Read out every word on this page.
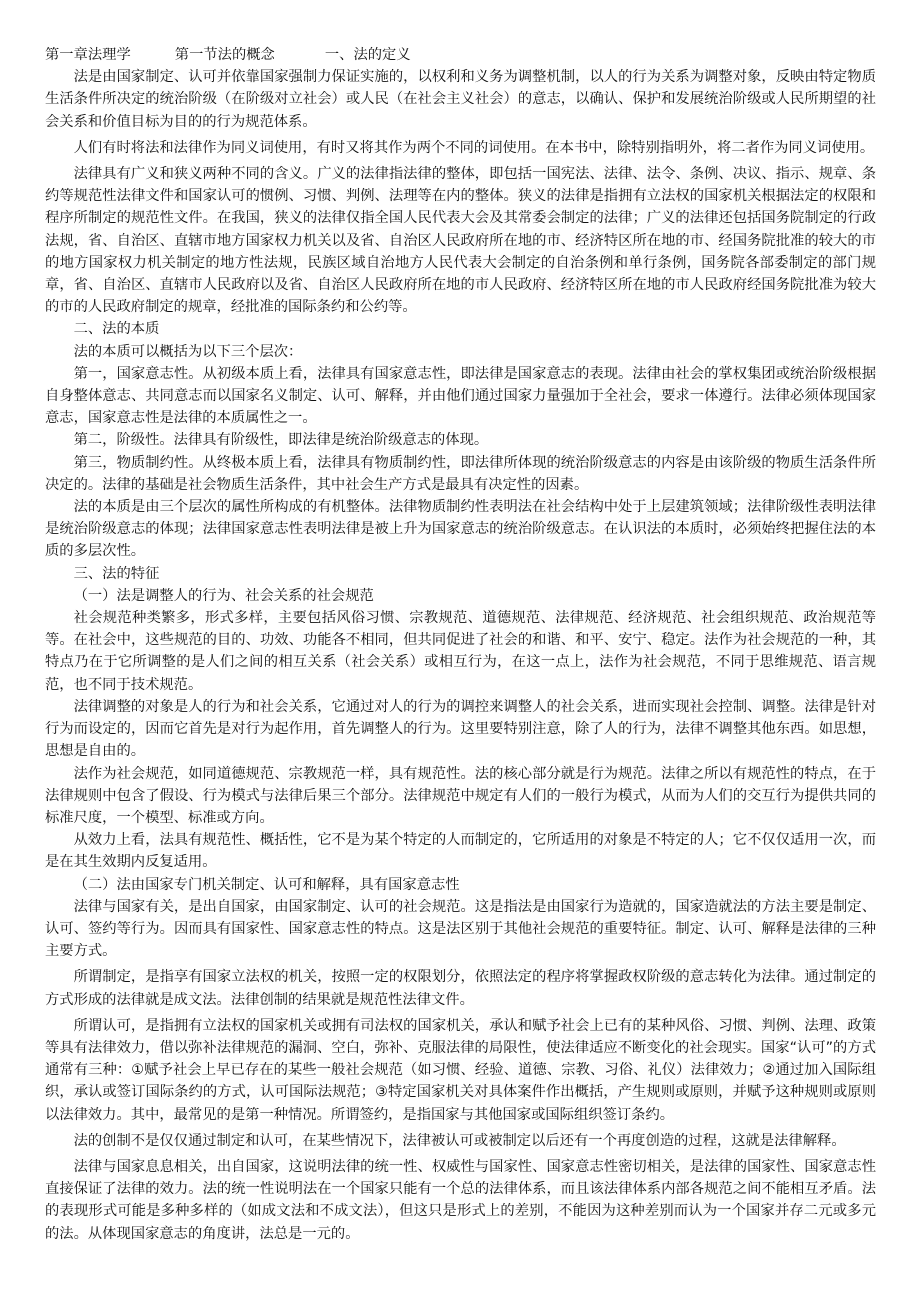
第一章法理学	第一节法的概念	一、法的定义

法是由国家制定、认可并依靠国家强制力保证实施的，以权利和义务为调整机制，以人的行为关系为调整对象，反映由特定物质生活条件所决定的统治阶级（在阶级对立社会）或人民（在社会主义社会）的意志，以确认、保护和发展统治阶级或人民所期望的社会关系和价值目标为目的的行为规范体系。

人们有时将法和法律作为同义词使用，有时又将其作为两个不同的词使用。在本书中，除特别指明外，将二者作为同义词使用。

法律具有广义和狭义两种不同的含义。广义的法律指法律的整体，即包括一国宪法、法律、法令、条例、决议、指示、规章、条约等规范性法律文件和国家认可的惯例、习惯、判例、法理等在内的整体。狭义的法律是指拥有立法权的国家机关根据法定的权限和程序所制定的规范性文件。在我国，狭义的法律仅指全国人民代表大会及其常委会制定的法律；广义的法律还包括国务院制定的行政法规，省、自治区、直辖市地方国家权力机关以及省、自治区人民政府所在地的市、经济特区所在地的市、经国务院批准的较大的市的地方国家权力机关制定的地方性法规，民族区域自治地方人民代表大会制定的自治条例和单行条例，国务院各部委制定的部门规章，省、自治区、直辖市人民政府以及省、自治区人民政府所在地的市人民政府、经济特区所在地的市人民政府经国务院批准为较大的市的人民政府制定的规章，经批准的国际条约和公约等。

二、法的本质

法的本质可以概括为以下三个层次：

第一，国家意志性。从初级本质上看，法律具有国家意志性，即法律是国家意志的表现。法律由社会的掌权集团或统治阶级根据自身整体意志、共同意志而以国家名义制定、认可、解释，并由他们通过国家力量强加于全社会，要求一体遵行。法律必须体现国家意志，国家意志性是法律的本质属性之一。

第二，阶级性。法律具有阶级性，即法律是统治阶级意志的体现。

第三，物质制约性。从终极本质上看，法律具有物质制约性，即法律所体现的统治阶级意志的内容是由该阶级的物质生活条件所决定的。法律的基础是社会物质生活条件，其中社会生产方式是最具有决定性的因素。

法的本质是由三个层次的属性所构成的有机整体。法律物质制约性表明法在社会结构中处于上层建筑领域；法律阶级性表明法律是统治阶级意志的体现；法律国家意志性表明法律是被上升为国家意志的统治阶级意志。在认识法的本质时，必须始终把握住法的本质的多层次性。

三、法的特征

（一）法是调整人的行为、社会关系的社会规范

社会规范种类繁多，形式多样，主要包括风俗习惯、宗教规范、道德规范、法律规范、经济规范、社会组织规范、政治规范等等。在社会中，这些规范的目的、功效、功能各不相同，但共同促进了社会的和谐、和平、安宁、稳定。法作为社会规范的一种，其特点乃在于它所调整的是人们之间的相互关系（社会关系）或相互行为，在这一点上，法作为社会规范，不同于思维规范、语言规范，也不同于技术规范。

法律调整的对象是人的行为和社会关系，它通过对人的行为的调控来调整人的社会关系，进而实现社会控制、调整。法律是针对行为而设定的，因而它首先是对行为起作用，首先调整人的行为。这里要特别注意，除了人的行为，法律不调整其他东西。如思想，思想是自由的。

法作为社会规范，如同道德规范、宗教规范一样，具有规范性。法的核心部分就是行为规范。法律之所以有规范性的特点，在于法律规则中包含了假设、行为模式与法律后果三个部分。法律规范中规定有人们的一般行为模式，从而为人们的交互行为提供共同的标准尺度，一个模型、标准或方向。

从效力上看，法具有规范性、概括性，它不是为某个特定的人而制定的，它所适用的对象是不特定的人；它不仅仅适用一次，而是在其生效期内反复适用。

（二）法由国家专门机关制定、认可和解释，具有国家意志性

法律与国家有关，是出自国家，由国家制定、认可的社会规范。这是指法是由国家行为造就的，国家造就法的方法主要是制定、认可、签约等行为。因而具有国家性、国家意志性的特点。这是法区别于其他社会规范的重要特征。制定、认可、解释是法律的三种主要方式。

所谓制定，是指享有国家立法权的机关，按照一定的权限划分，依照法定的程序将掌握政权阶级的意志转化为法律。通过制定的方式形成的法律就是成文法。法律创制的结果就是规范性法律文件。

所谓认可，是指拥有立法权的国家机关或拥有司法权的国家机关，承认和赋予社会上已有的某种风俗、习惯、判例、法理、政策等具有法律效力，借以弥补法律规范的漏洞、空白，弥补、克服法律的局限性，使法律适应不断变化的社会现实。国家“认可”的方式通常有三种：①赋予社会上早已存在的某些一般社会规范（如习惯、经验、道德、宗教、习俗、礼仪）法律效力；②通过加入国际组织，承认或签订国际条约的方式，认可国际法规范；③特定国家机关对具体案件作出概括，产生规则或原则，并赋予这种规则或原则以法律效力。其中，最常见的是第一种情况。所谓签约，是指国家与其他国家或国际组织签订条约。

法的创制不是仅仅通过制定和认可，在某些情况下，法律被认可或被制定以后还有一个再度创造的过程，这就是法律解释。

法律与国家息息相关，出自国家，这说明法律的统一性、权威性与国家性、国家意志性密切相关，是法律的国家性、国家意志性直接保证了法律的效力。法的统一性说明法在一个国家只能有一个总的法律体系，而且该法律体系内部各规范之间不能相互矛盾。法的表现形式可能是多种多样的（如成文法和不成文法），但这只是形式上的差别，不能因为这种差别而认为一个国家并存二元或多元的法。从体现国家意志的角度讲，法总是一元的。
